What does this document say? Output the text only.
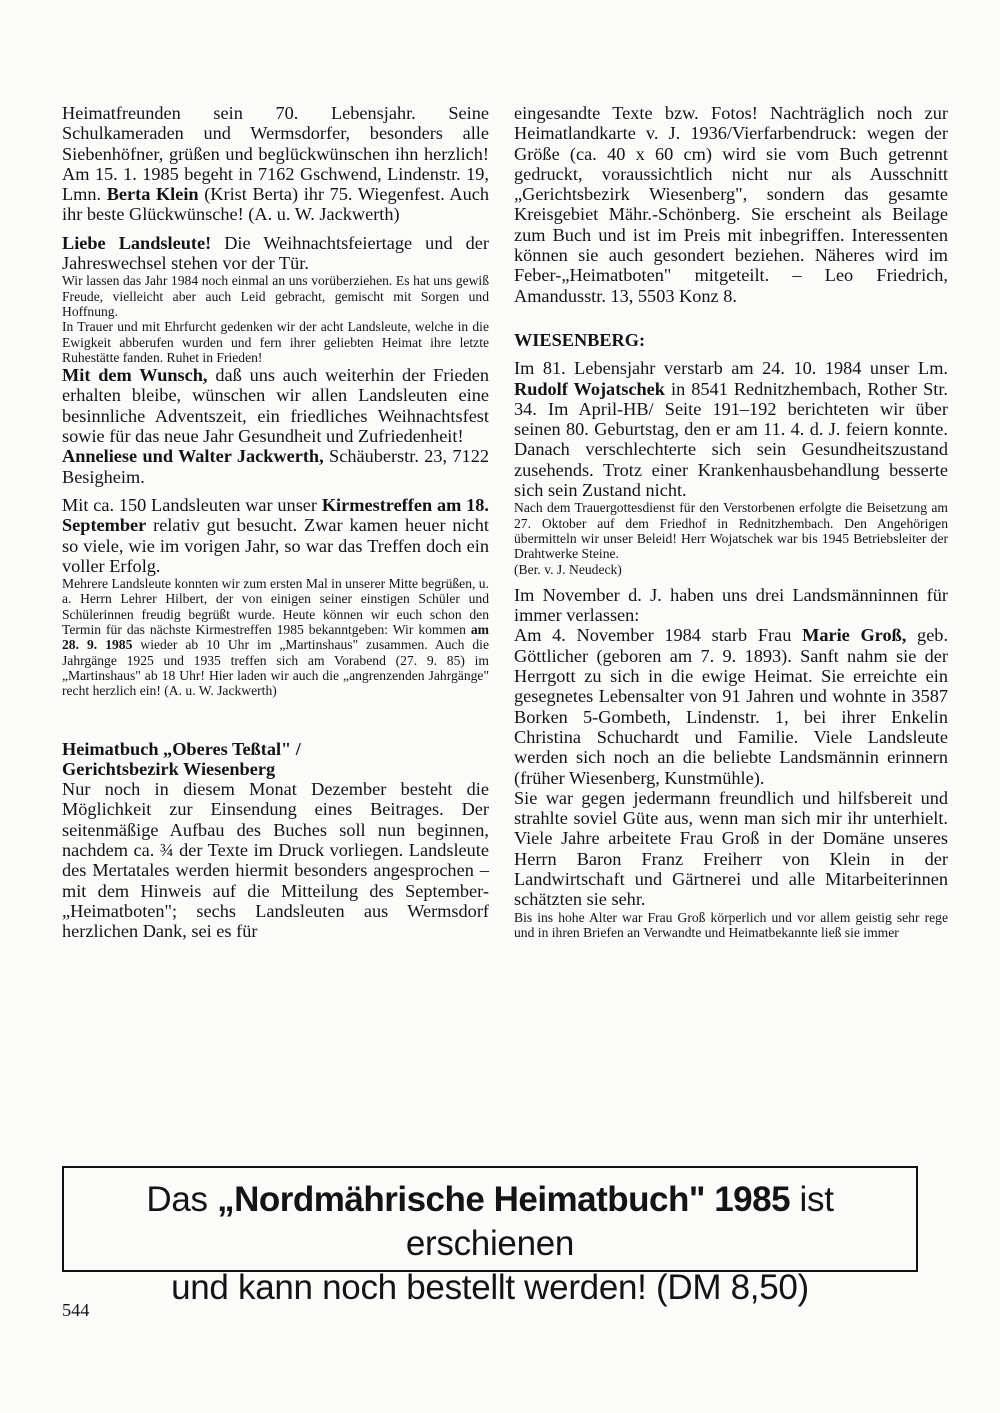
Heimatfreunden sein 70. Lebensjahr. Seine Schulkameraden und Wermsdorfer, besonders alle Siebenhöfner, grüßen und beglückwünschen ihn herzlich! Am 15. 1. 1985 begeht in 7162 Gschwend, Lindenstr. 19, Lmn. Berta Klein (Krist Berta) ihr 75. Wiegenfest. Auch ihr beste Glückwünsche! (A. u. W. Jackwerth)

Liebe Landsleute! Die Weihnachtsfeiertage und der Jahreswechsel stehen vor der Tür.

Wir lassen das Jahr 1984 noch einmal an uns vorüberziehen. Es hat uns gewiß Freude, vielleicht aber auch Leid gebracht, gemischt mit Sorgen und Hoffnung.

In Trauer und mit Ehrfurcht gedenken wir der acht Landsleute, welche in die Ewigkeit abberufen wurden und fern ihrer geliebten Heimat ihre letzte Ruhestätte fanden. Ruhet in Frieden!

Mit dem Wunsch, daß uns auch weiterhin der Frieden erhalten bleibe, wünschen wir allen Landsleuten eine besinnliche Adventszeit, ein friedliches Weihnachtsfest sowie für das neue Jahr Gesundheit und Zufriedenheit!

Anneliese und Walter Jackwerth, Schäuberstr. 23, 7122 Besigheim.

Mit ca. 150 Landsleuten war unser Kirmestreffen am 18. September relativ gut besucht. Zwar kamen heuer nicht so viele, wie im vorigen Jahr, so war das Treffen doch ein voller Erfolg.

Mehrere Landsleute konnten wir zum ersten Mal in unserer Mitte begrüßen, u. a. Herrn Lehrer Hilbert, der von einigen seiner einstigen Schüler und Schülerinnen freudig begrüßt wurde. Heute können wir euch schon den Termin für das nächste Kirmestreffen 1985 bekanntgeben: Wir kommen am 28. 9. 1985 wieder ab 10 Uhr im „Martinshaus" zusammen. Auch die Jahrgänge 1925 und 1935 treffen sich am Vorabend (27. 9. 85) im „Martinshaus" ab 18 Uhr! Hier laden wir auch die „angrenzenden Jahrgänge" recht herzlich ein! (A. u. W. Jackwerth)

Heimatbuch „Oberes Teßtal" /

Gerichtsbezirk Wiesenberg

Nur noch in diesem Monat Dezember besteht die Möglichkeit zur Einsendung eines Beitrages. Der seitenmäßige Aufbau des Buches soll nun beginnen, nachdem ca. ¾ der Texte im Druck vorliegen. Landsleute des Mertatales werden hiermit besonders angesprochen – mit dem Hinweis auf die Mitteilung des September-„Heimatboten"; sechs Landsleuten aus Wermsdorf herzlichen Dank, sei es für

eingesandte Texte bzw. Fotos! Nachträglich noch zur Heimatlandkarte v. J. 1936/Vierfarbendruck: wegen der Größe (ca. 40 x 60 cm) wird sie vom Buch getrennt gedruckt, voraussichtlich nicht nur als Ausschnitt „Gerichtsbezirk Wiesenberg", sondern das gesamte Kreisgebiet Mähr.-Schönberg. Sie erscheint als Beilage zum Buch und ist im Preis mit inbegriffen. Interessenten können sie auch gesondert beziehen. Näheres wird im Feber-„Heimatboten" mitgeteilt. – Leo Friedrich, Amandusstr. 13, 5503 Konz 8.

WIESENBERG:

Im 81. Lebensjahr verstarb am 24. 10. 1984 unser Lm. Rudolf Wojatschek in 8541 Rednitzhembach, Rother Str. 34. Im April-HB/ Seite 191–192 berichteten wir über seinen 80. Geburtstag, den er am 11. 4. d. J. feiern konnte. Danach verschlechterte sich sein Gesundheitszustand zusehends. Trotz einer Krankenhausbehandlung besserte sich sein Zustand nicht.

Nach dem Trauergottesdienst für den Verstorbenen erfolgte die Beisetzung am 27. Oktober auf dem Friedhof in Rednitzhembach. Den Angehörigen übermitteln wir unser Beleid! Herr Wojatschek war bis 1945 Betriebsleiter der Drahtwerke Steine.

(Ber. v. J. Neudeck)

Im November d. J. haben uns drei Landsmänninnen für immer verlassen:

Am 4. November 1984 starb Frau Marie Groß, geb. Göttlicher (geboren am 7. 9. 1893). Sanft nahm sie der Herrgott zu sich in die ewige Heimat. Sie erreichte ein gesegnetes Lebensalter von 91 Jahren und wohnte in 3587 Borken 5-Gombeth, Lindenstr. 1, bei ihrer Enkelin Christina Schuchardt und Familie. Viele Landsleute werden sich noch an die beliebte Landsmännin erinnern (früher Wiesenberg, Kunstmühle).

Sie war gegen jedermann freundlich und hilfsbereit und strahlte soviel Güte aus, wenn man sich mir ihr unterhielt. Viele Jahre arbeitete Frau Groß in der Domäne unseres Herrn Baron Franz Freiherr von Klein in der Landwirtschaft und Gärtnerei und alle Mitarbeiterinnen schätzten sie sehr.

Bis ins hohe Alter war Frau Groß körperlich und vor allem geistig sehr rege und in ihren Briefen an Verwandte und Heimatbekannte ließ sie immer

Das „Nordmährische Heimatbuch" 1985 ist erschienen

und kann noch bestellt werden! (DM 8,50)

544
